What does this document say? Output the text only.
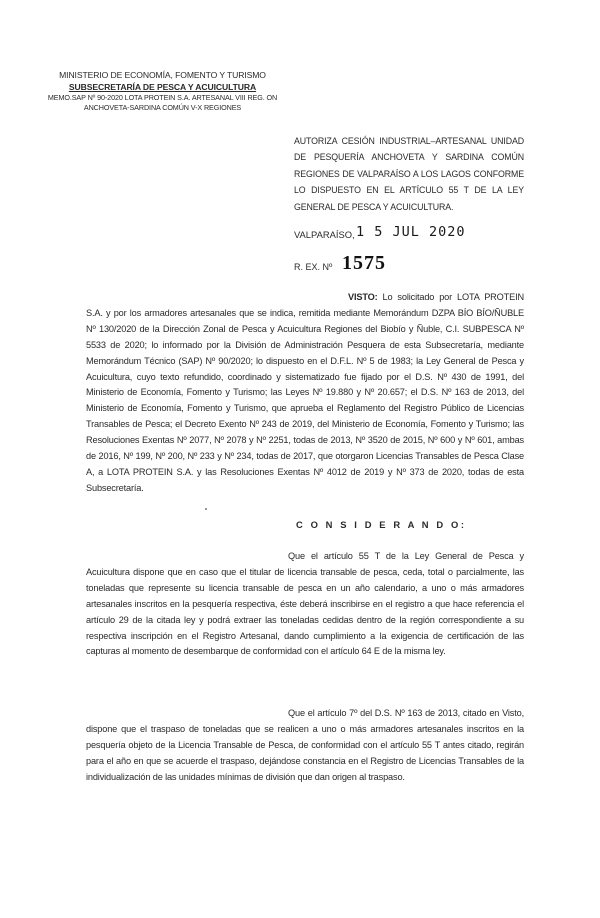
MINISTERIO DE ECONOMÍA, FOMENTO Y TURISMO
SUBSECRETARÍA DE PESCA Y ACUICULTURA
MEMO.SAP Nº 90-2020 LOTA PROTEIN S.A. ARTESANAL VIII REG. ON
ANCHOVETA-SARDINA COMÚN V-X REGIONES
AUTORIZA CESIÓN INDUSTRIAL–ARTESANAL UNIDAD DE PESQUERÍA ANCHOVETA Y SARDINA COMÚN REGIONES DE VALPARAÍSO A LOS LAGOS CONFORME LO DISPUESTO EN EL ARTÍCULO 55 T DE LA LEY GENERAL DE PESCA Y ACUICULTURA.
VALPARAÍSO, 1 5 JUL 2020
R. EX. Nº 1575
VISTO: Lo solicitado por LOTA PROTEIN S.A. y por los armadores artesanales que se indica, remitida mediante Memorándum DZPA BÍO BÍO/ÑUBLE Nº 130/2020 de la Dirección Zonal de Pesca y Acuicultura Regiones del Biobío y Ñuble, C.I. SUBPESCA Nº 5533 de 2020; lo informado por la División de Administración Pesquera de esta Subsecretaría, mediante Memorándum Técnico (SAP) Nº 90/2020; lo dispuesto en el D.F.L. Nº 5 de 1983; la Ley General de Pesca y Acuicultura, cuyo texto refundido, coordinado y sistematizado fue fijado por el D.S. Nº 430 de 1991, del Ministerio de Economía, Fomento y Turismo; las Leyes Nº 19.880 y Nº 20.657; el D.S. Nº 163 de 2013, del Ministerio de Economía, Fomento y Turismo, que aprueba el Reglamento del Registro Público de Licencias Transables de Pesca; el Decreto Exento Nº 243 de 2019, del Ministerio de Economía, Fomento y Turismo; las Resoluciones Exentas Nº 2077, Nº 2078 y Nº 2251, todas de 2013, Nº 3520 de 2015, Nº 600 y Nº 601, ambas de 2016, Nº 199, Nº 200, Nº 233 y Nº 234, todas de 2017, que otorgaron Licencias Transables de Pesca Clase A, a LOTA PROTEIN S.A. y las Resoluciones Exentas Nº 4012 de 2019 y Nº 373 de 2020, todas de esta Subsecretaría.
C O N S I D E R A N D O:
Que el artículo 55 T de la Ley General de Pesca y Acuicultura dispone que en caso que el titular de licencia transable de pesca, ceda, total o parcialmente, las toneladas que represente su licencia transable de pesca en un año calendario, a uno o más armadores artesanales inscritos en la pesquería respectiva, éste deberá inscribirse en el registro a que hace referencia el artículo 29 de la citada ley y podrá extraer las toneladas cedidas dentro de la región correspondiente a su respectiva inscripción en el Registro Artesanal, dando cumplimiento a la exigencia de certificación de las capturas al momento de desembarque de conformidad con el artículo 64 E de la misma ley.
Que el artículo 7º del D.S. Nº 163 de 2013, citado en Visto, dispone que el traspaso de toneladas que se realicen a uno o más armadores artesanales inscritos en la pesquería objeto de la Licencia Transable de Pesca, de conformidad con el artículo 55 T antes citado, regirán para el año en que se acuerde el traspaso, dejándose constancia en el Registro de Licencias Transables de la individualización de las unidades mínimas de división que dan origen al traspaso.
